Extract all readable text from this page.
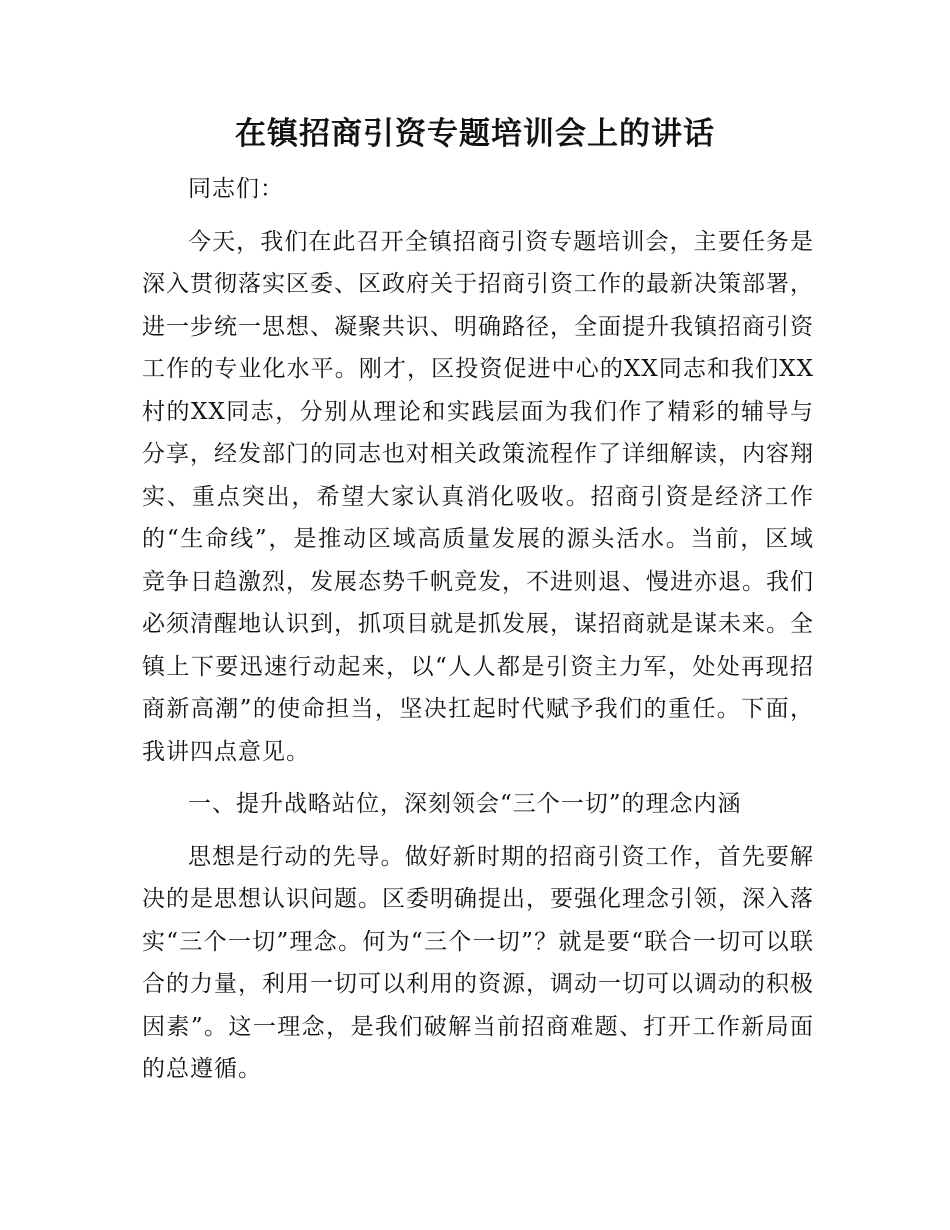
在镇招商引资专题培训会上的讲话

同志们：

今天，我们在此召开全镇招商引资专题培训会，主要任务是深入贯彻落实区委、区政府关于招商引资工作的最新决策部署，进一步统一思想、凝聚共识、明确路径，全面提升我镇招商引资工作的专业化水平。刚才，区投资促进中心的XX同志和我们XX村的XX同志，分别从理论和实践层面为我们作了精彩的辅导与分享，经发部门的同志也对相关政策流程作了详细解读，内容翔实、重点突出，希望大家认真消化吸收。招商引资是经济工作的“生命线”，是推动区域高质量发展的源头活水。当前，区域竞争日趋激烈，发展态势千帆竞发，不进则退、慢进亦退。我们必须清醒地认识到，抓项目就是抓发展，谋招商就是谋未来。全镇上下要迅速行动起来，以“人人都是引资主力军，处处再现招商新高潮”的使命担当，坚决扛起时代赋予我们的重任。下面，我讲四点意见。

一、提升战略站位，深刻领会“三个一切”的理念内涵

思想是行动的先导。做好新时期的招商引资工作，首先要解决的是思想认识问题。区委明确提出，要强化理念引领，深入落实“三个一切”理念。何为“三个一切”？就是要“联合一切可以联合的力量，利用一切可以利用的资源，调动一切可以调动的积极因素”。这一理念，是我们破解当前招商难题、打开工作新局面的总遵循。
